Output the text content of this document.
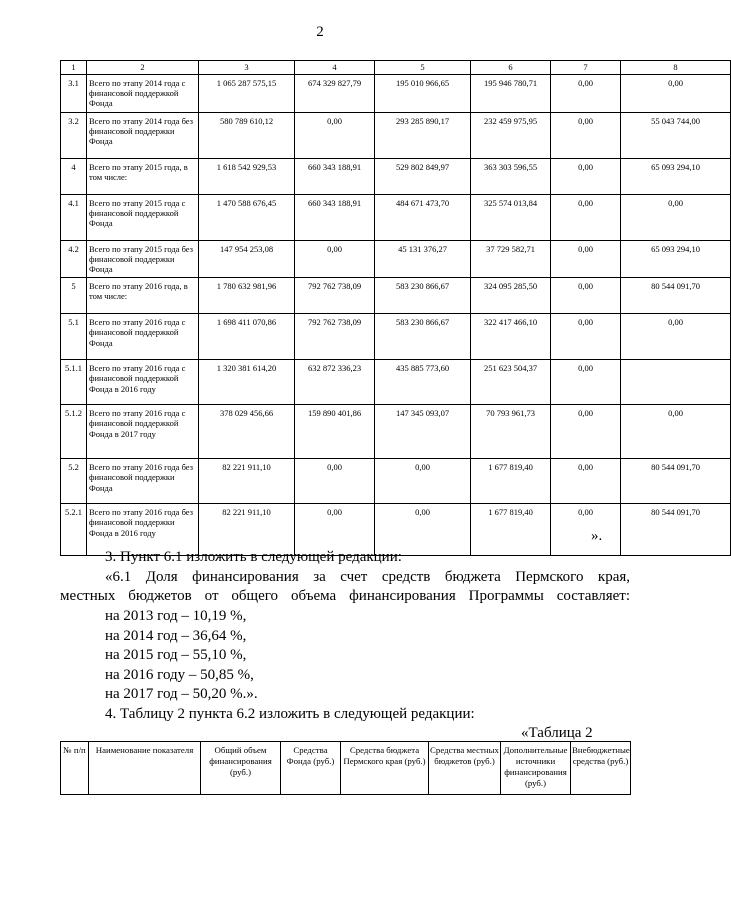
2
1	2	3	4	5	6	7	8
3.1	Всего по этапу 2014 года с финансовой поддержкой Фонда	1 065 287 575,15	674 329 827,79	195 010 966,65	195 946 780,71	0,00	0,00
3.2	Всего по этапу 2014 года без финансовой поддержки Фонда	580 789 610,12	0,00	293 285 890,17	232 459 975,95	0,00	55 043 744,00
4	Всего по этапу 2015 года, в том числе:	1 618 542 929,53	660 343 188,91	529 802 849,97	363 303 596,55	0,00	65 093 294,10
4.1	Всего по этапу 2015 года с финансовой поддержкой Фонда	1 470 588 676,45	660 343 188,91	484 671 473,70	325 574 013,84	0,00	0,00
4.2	Всего по этапу 2015 года без финансовой поддержки Фонда	147 954 253,08	0,00	45 131 376,27	37 729 582,71	0,00	65 093 294,10
5	Всего по этапу 2016 года, в том числе:	1 780 632 981,96	792 762 738,09	583 230 866,67	324 095 285,50	0,00	80 544 091,70
5.1	Всего по этапу 2016 года с финансовой поддержкой Фонда	1 698 411 070,86	792 762 738,09	583 230 866,67	322 417 466,10	0,00	0,00
5.1.1	Всего по этапу 2016 года с финансовой поддержкой Фонда в 2016 году	1 320 381 614,20	632 872 336,23	435 885 773,60	251 623 504,37	0,00	
5.1.2	Всего по этапу 2016 года с финансовой поддержкой Фонда в 2017 году	378 029 456,66	159 890 401,86	147 345 093,07	70 793 961,73	0,00	0,00
5.2	Всего по этапу 2016 года без финансовой поддержки Фонда	82 221 911,10	0,00	0,00	1 677 819,40	0,00	80 544 091,70
5.2.1	Всего по этапу 2016 года без финансовой поддержки Фонда в 2016 году	82 221 911,10	0,00	0,00	1 677 819,40	0,00	80 544 091,70
».
3. Пункт 6.1 изложить в следующей редакции:
«6.1 Доля финансирования за счет средств бюджета Пермского края,
местных бюджетов от общего объема финансирования Программы составляет:
на 2013 год – 10,19 %,
на 2014 год – 36,64 %,
на 2015 год – 55,10 %,
на 2016 году – 50,85 %,
на 2017 год – 50,20 %.».
4. Таблицу 2 пункта 6.2 изложить в следующей редакции:
«Таблица 2
№ п/п	Наименование показателя	Общий объем финансирования (руб.)	Средства Фонда (руб.)	Средства бюджета Пермского края (руб.)	Средства местных бюджетов (руб.)	Дополнительные источники финансирования (руб.)	Внебюджетные средства (руб.)
